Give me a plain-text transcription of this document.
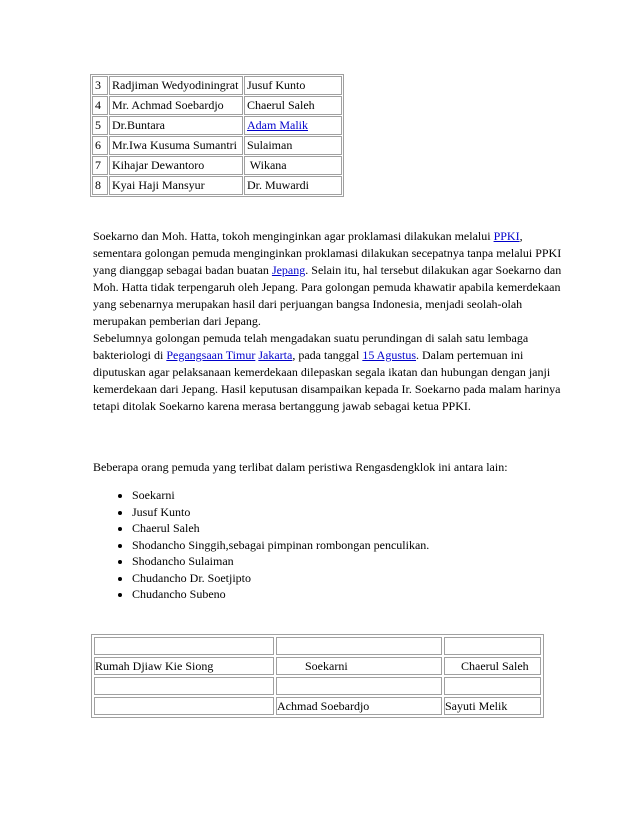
3	Radjiman Wedyodiningrat	Jusuf Kunto
4	Mr. Achmad Soebardjo	Chaerul Saleh
5	Dr.Buntara	Adam Malik
6	Mr.Iwa Kusuma Sumantri	Sulaiman
7	Kihajar Dewantoro	Wikana
8	Kyai Haji Mansyur	Dr. Muwardi

Soekarno dan Moh. Hatta, tokoh menginginkan agar proklamasi dilakukan melalui PPKI, sementara golongan pemuda menginginkan proklamasi dilakukan secepatnya tanpa melalui PPKI yang dianggap sebagai badan buatan Jepang. Selain itu, hal tersebut dilakukan agar Soekarno dan Moh. Hatta tidak terpengaruh oleh Jepang. Para golongan pemuda khawatir apabila kemerdekaan yang sebenarnya merupakan hasil dari perjuangan bangsa Indonesia, menjadi seolah-olah merupakan pemberian dari Jepang.

Sebelumnya golongan pemuda telah mengadakan suatu perundingan di salah satu lembaga bakteriologi di Pegangsaan Timur Jakarta, pada tanggal 15 Agustus. Dalam pertemuan ini diputuskan agar pelaksanaan kemerdekaan dilepaskan segala ikatan dan hubungan dengan janji kemerdekaan dari Jepang. Hasil keputusan disampaikan kepada Ir. Soekarno pada malam harinya tetapi ditolak Soekarno karena merasa bertanggung jawab sebagai ketua PPKI.

Beberapa orang pemuda yang terlibat dalam peristiwa Rengasdengklok ini antara lain:

• Soekarni
• Jusuf Kunto
• Chaerul Saleh
• Shodancho Singgih,sebagai pimpinan rombongan penculikan.
• Shodancho Sulaiman
• Chudancho Dr. Soetjipto
• Chudancho Subeno

Rumah Djiaw Kie Siong	Soekarni	Chaerul Saleh

	Achmad Soebardjo	Sayuti Melik
